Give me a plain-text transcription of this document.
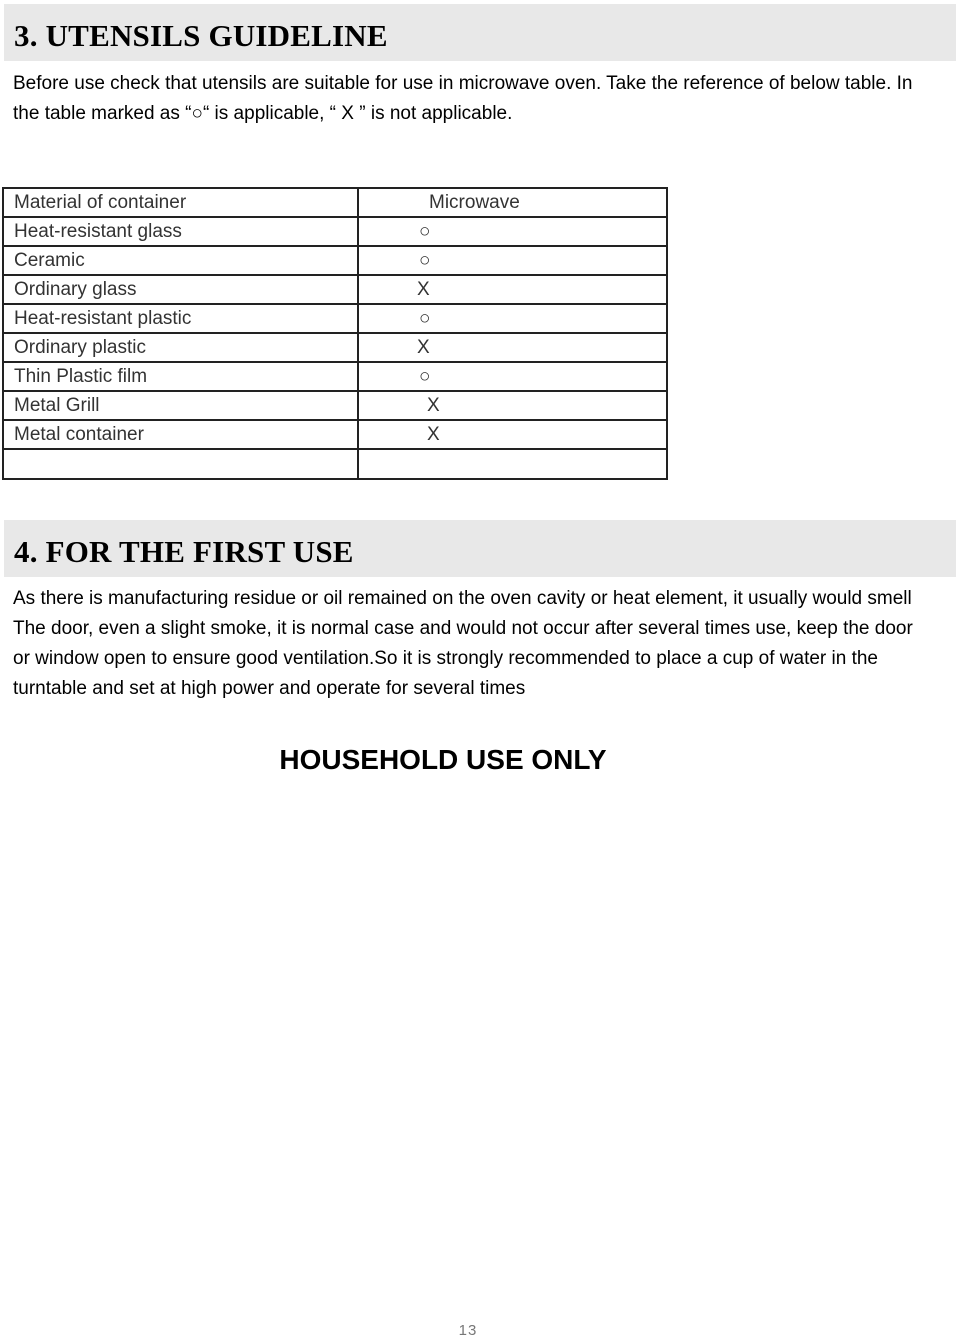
3. UTENSILS GUIDELINE
Before use check that utensils are suitable for use in microwave oven. Take the reference of below table. In
the table marked as “○“ is applicable, “ X ” is not applicable.
Material of container	Microwave
Heat-resistant glass	○
Ceramic	○
Ordinary glass	X
Heat-resistant plastic	○
Ordinary plastic	X
Thin Plastic film	○
Metal Grill	X
Metal container	X

4. FOR THE FIRST USE
As there is manufacturing residue or oil remained on the oven cavity or heat element, it usually would smell
The door, even a slight smoke, it is normal case and would not occur after several times use, keep the door
or window open to ensure good ventilation.So it is strongly recommended to place a cup of water in the
turntable and set at high power and operate for several times
HOUSEHOLD USE ONLY
13
